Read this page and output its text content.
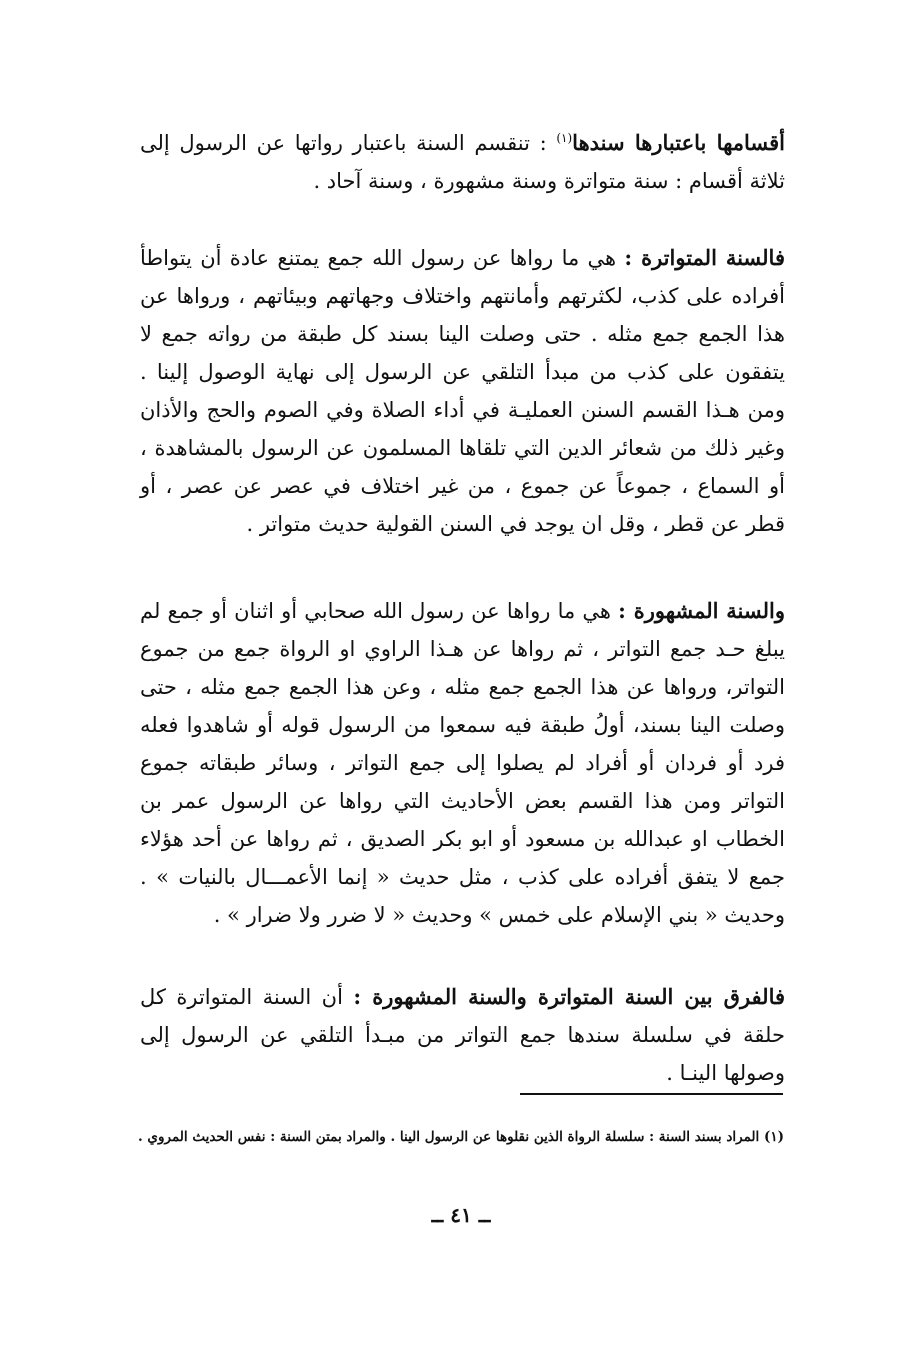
أقسامها باعتبارها سندها$^{(١)}$ : تنقسم السنة باعتبار رواتها عن الرسول إلى ثلاثة أقسام : سنة متواترة وسنة مشهورة ، وسنة آحاد .

فالسنة المتواترة : هي ما رواها عن رسول الله جمع يمتنع عادة أن يتواطأ أفراده على كذب، لكثرتهم وأمانتهم واختلاف وجهاتهم وبيئاتهم ، ورواها عن هذا الجمع جمع مثله . حتى وصلت الينا بسند كل طبقة من رواته جمع لا يتفقون على كذب من مبدأ التلقي عن الرسول إلى نهاية الوصول إلينا . ومن هـذا القسم السنن العمليـة في أداء الصلاة وفي الصوم والحج والأذان وغير ذلك من شعائر الدين التي تلقاها المسلمون عن الرسول بالمشاهدة ، أو السماع ، جموعاً عن جموع ، من غير اختلاف في عصر عن عصر ، أو قطر عن قطر ، وقل ان يوجد في السنن القولية حديث متواتر .

والسنة المشهورة : هي ما رواها عن رسول الله صحابي أو اثنان أو جمع لم يبلغ حـد جمع التواتر ، ثم رواها عن هـذا الراوي او الرواة جمع من جموع التواتر، ورواها عن هذا الجمع جمع مثله ، وعن هذا الجمع جمع مثله ، حتى وصلت الينا بسند، أولُ طبقة فيه سمعوا من الرسول قوله أو شاهدوا فعله فرد أو فردان أو أفراد لم يصلوا إلى جمع التواتر ، وسائر طبقاته جموع التواتر ومن هذا القسم بعض الأحاديث التي رواها عن الرسول عمر بن الخطاب او عبدالله بن مسعود أو ابو بكر الصديق ، ثم رواها عن أحد هؤلاء جمع لا يتفق أفراده على كذب ، مثل حديث « إنما الأعمـــال بالنيات » . وحديث « بني الإسلام على خمس » وحديث « لا ضرر ولا ضرار » .

فالفرق بين السنة المتواترة والسنة المشهورة : أن السنة المتواترة كل حلقة في سلسلة سندها جمع التواتر من مبـدأ التلقي عن الرسول إلى وصولها الينـا .

(١) المراد بسند السنة : سلسلة الرواة الذين نقلوها عن الرسول الينا . والمراد بمتن السنة : نفس الحديث المروي .
ــ ٤١ ــ
